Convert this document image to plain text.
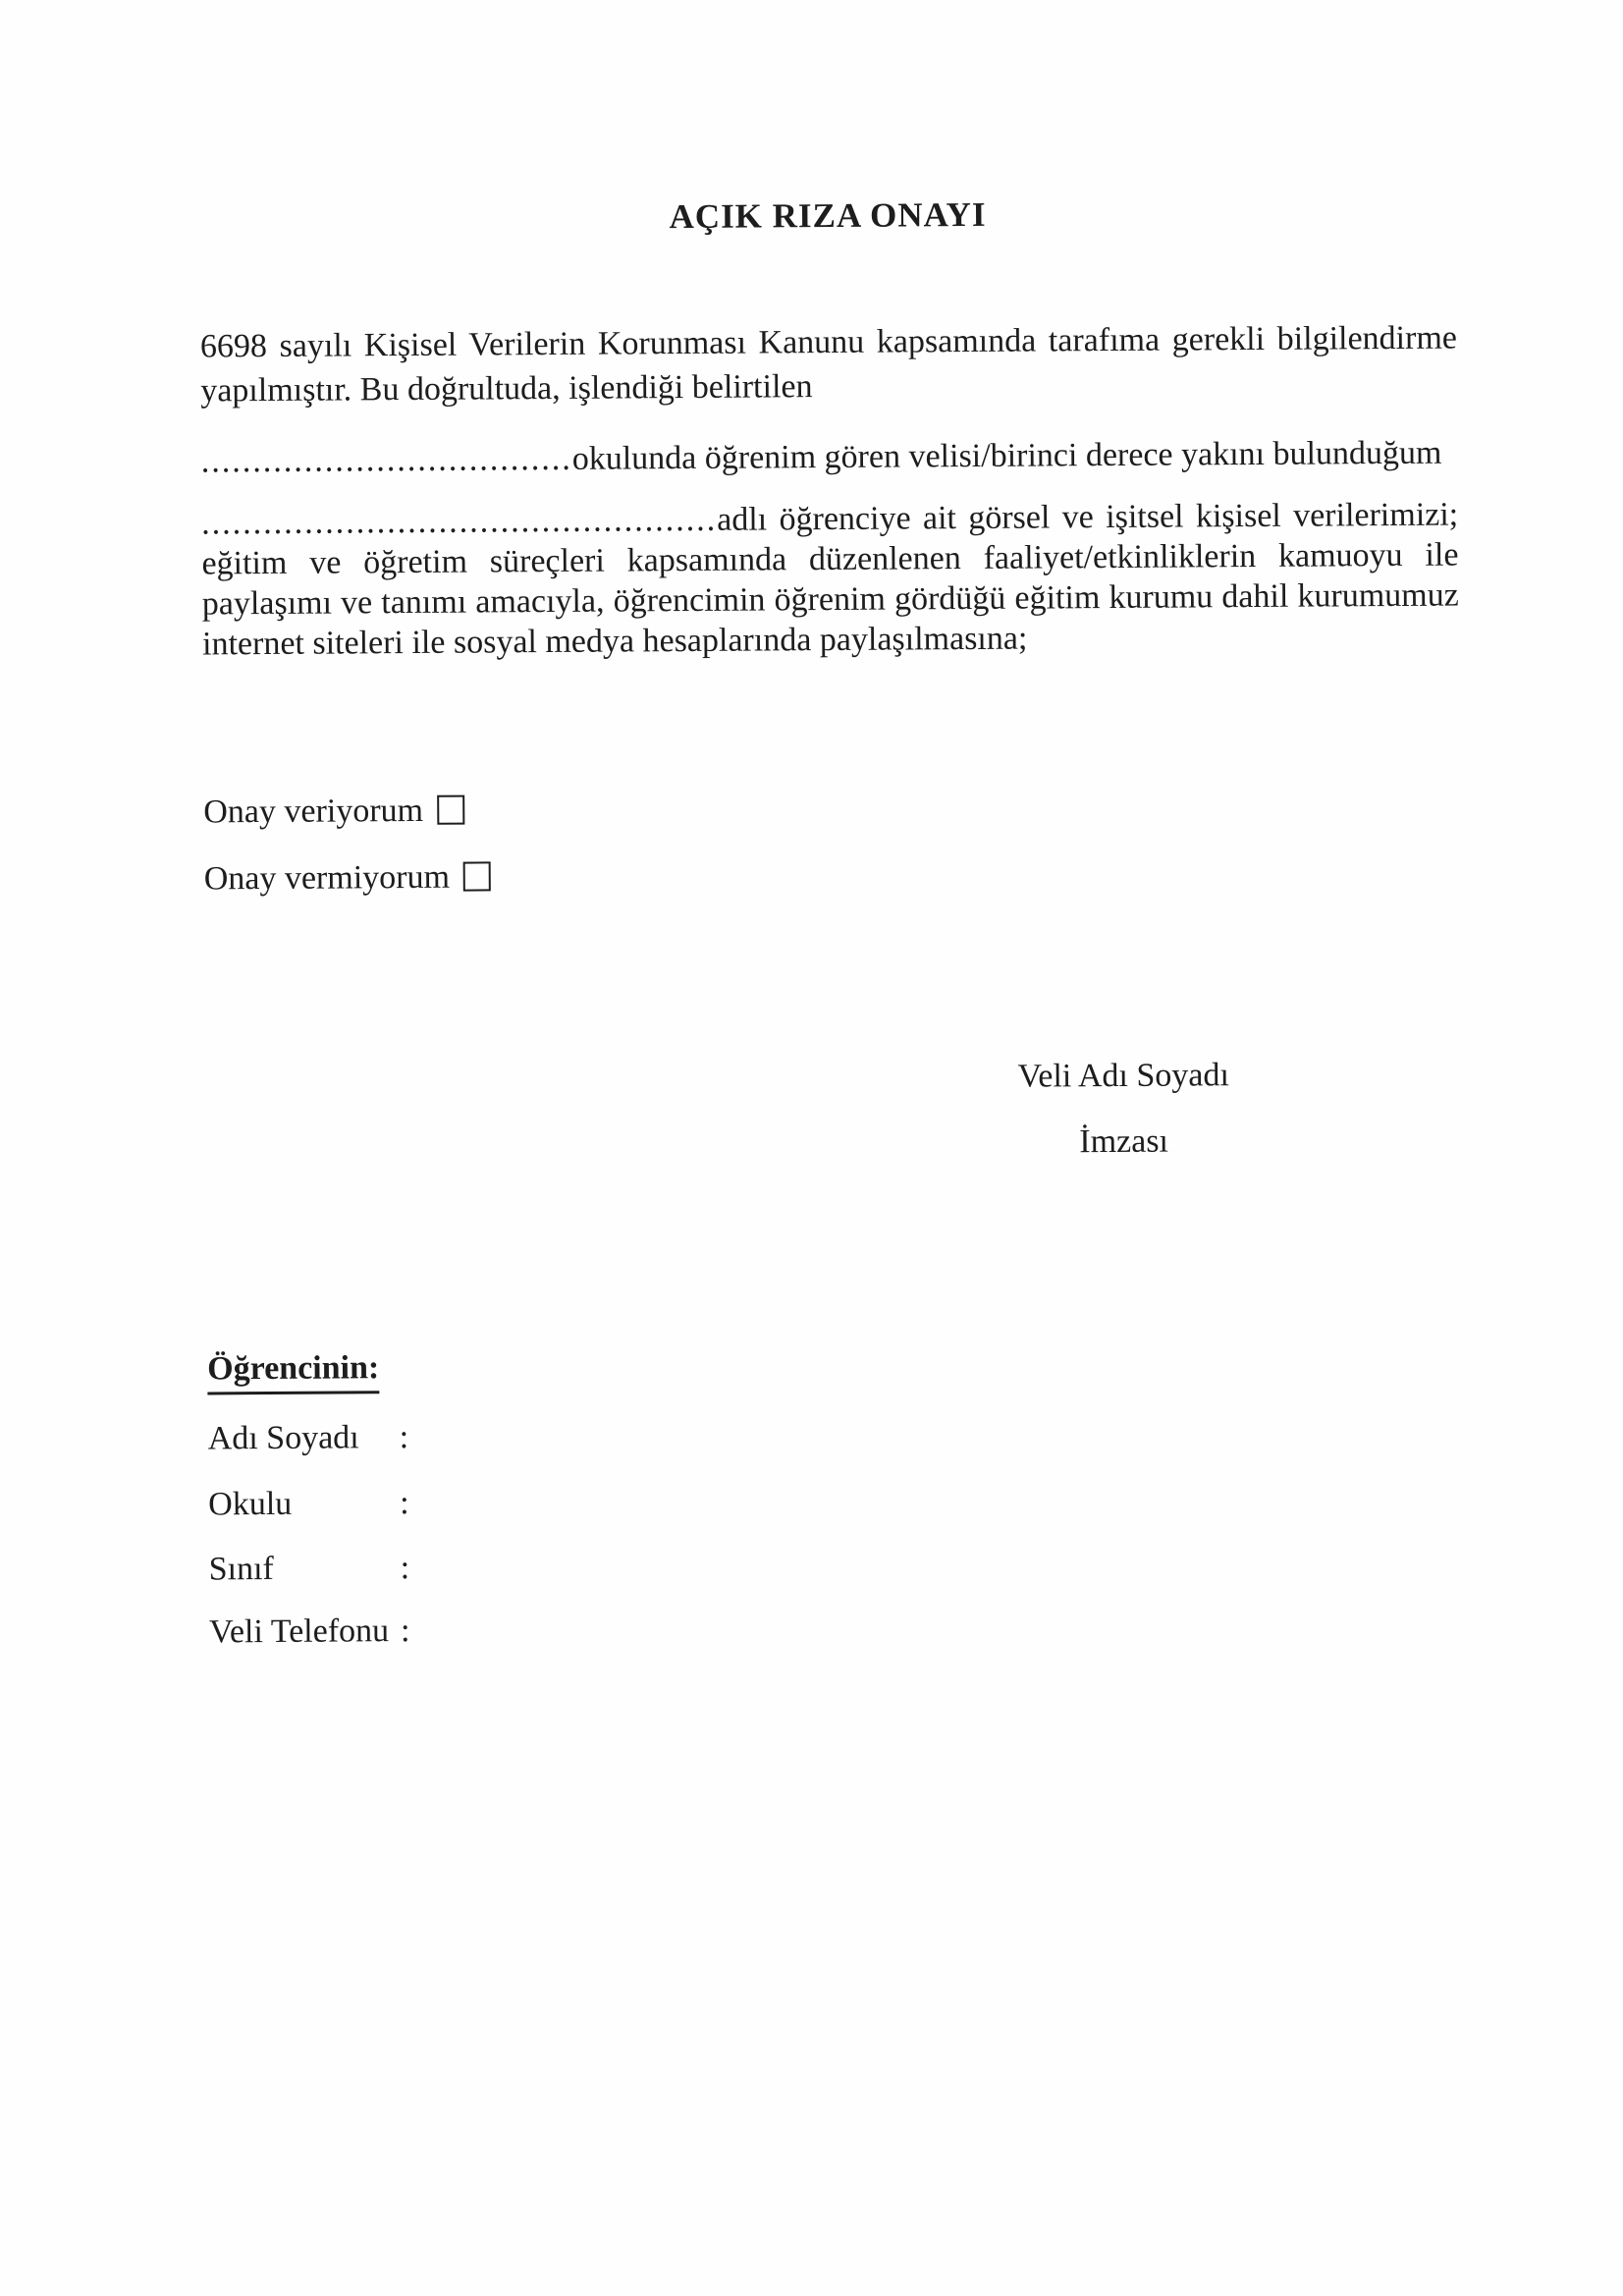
AÇIK RIZA ONAYI
6698 sayılı Kişisel Verilerin Korunması Kanunu kapsamında tarafıma gerekli bilgilendirme
yapılmıştır. Bu doğrultuda, işlendiği belirtilen
....................................okulunda öğrenim gören velisi/birinci derece yakını bulunduğum
..................................................adlı öğrenciye ait görsel ve işitsel kişisel verilerimizi;
eğitim ve öğretim süreçleri kapsamında düzenlenen faaliyet/etkinliklerin kamuoyu ile
paylaşımı ve tanımı amacıyla, öğrencimin öğrenim gördüğü eğitim kurumu dahil kurumumuz
internet siteleri ile sosyal medya hesaplarında paylaşılmasına;
Onay veriyorum
Onay vermiyorum
Veli Adı Soyadı
İmzası
Öğrencinin:
Adı Soyadı	:
Okulu	:
Sınıf	:
Veli Telefonu :
